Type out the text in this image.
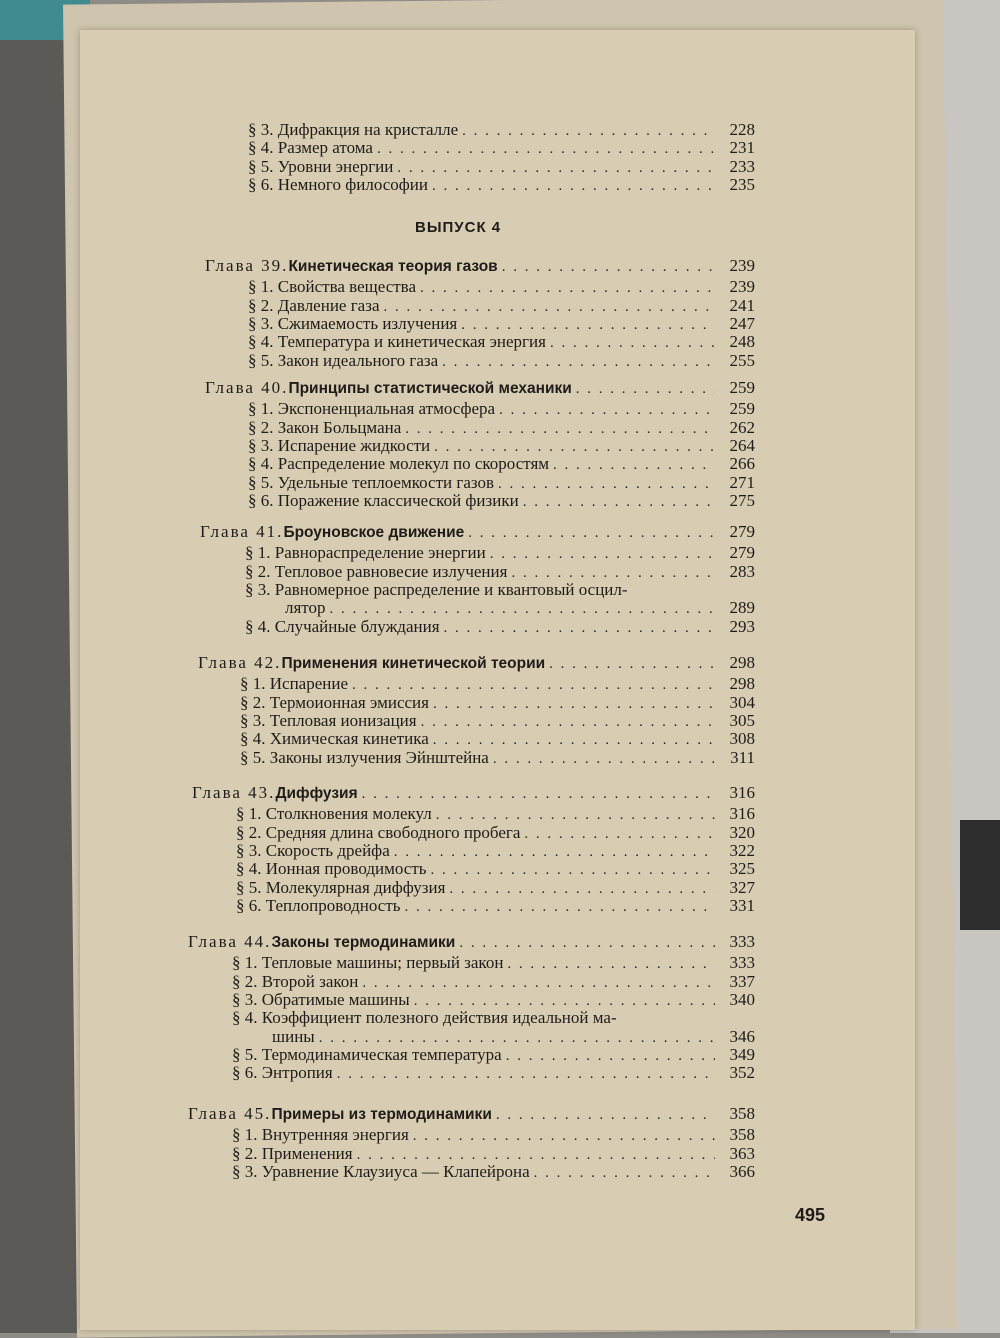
§ 3. Дифракция на кристалле . . .	228
§ 4. Размер атома . . .	231
§ 5. Уровни энергии . . .	233
§ 6. Немного философии . . .	235
ВЫПУСК 4
Глава 39. Кинетическая теория газов . . .	239
§ 1. Свойства вещества . . .	239
§ 2. Давление газа . . .	241
§ 3. Сжимаемость излучения . . .	247
§ 4. Температура и кинетическая энергия . . .	248
§ 5. Закон идеального газа . . .	255
Глава 40. Принципы статистической механики . . .	259
§ 1. Экспоненциальная атмосфера . . .	259
§ 2. Закон Больцмана . . .	262
§ 3. Испарение жидкости . . .	264
§ 4. Распределение молекул по скоростям . . .	266
§ 5. Удельные теплоемкости газов . . .	271
§ 6. Поражение классической физики . . .	275
Глава 41. Броуновское движение . . .	279
§ 1. Равнораспределение энергии . . .	279
§ 2. Тепловое равновесие излучения . . .	283
§ 3. Равномерное распределение и квантовый осцил-
лятор . . .	289
§ 4. Случайные блуждания . . .	293
Глава 42. Применения кинетической теории . . .	298
§ 1. Испарение . . .	298
§ 2. Термоионная эмиссия . . .	304
§ 3. Тепловая ионизация . . .	305
§ 4. Химическая кинетика . . .	308
§ 5. Законы излучения Эйнштейна . . .	311
Глава 43. Диффузия . . .	316
§ 1. Столкновения молекул . . .	316
§ 2. Средняя длина свободного пробега . . .	320
§ 3. Скорость дрейфа . . .	322
§ 4. Ионная проводимость . . .	325
§ 5. Молекулярная диффузия . . .	327
§ 6. Теплопроводность . . .	331
Глава 44. Законы термодинамики . . .	333
§ 1. Тепловые машины; первый закон . . .	333
§ 2. Второй закон . . .	337
§ 3. Обратимые машины . . .	340
§ 4. Коэффициент полезного действия идеальной ма-
шины . . .	346
§ 5. Термодинамическая температура . . .	349
§ 6. Энтропия . . .	352
Глава 45. Примеры из термодинамики . . .	358
§ 1. Внутренняя энергия . . .	358
§ 2. Применения . . .	363
§ 3. Уравнение Клаузиуса — Клапейрона . . .	366
495
